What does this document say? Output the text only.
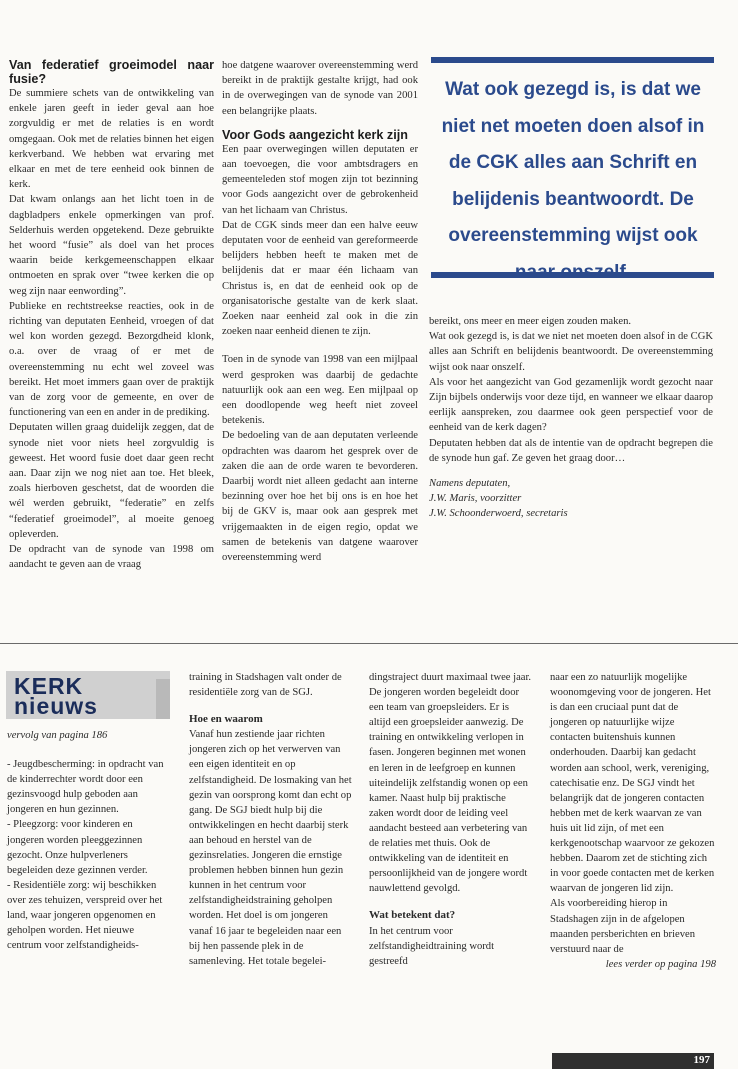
Van federatief groeimodel naar fusie?

De summiere schets van de ontwikkeling van enkele jaren geeft in ieder geval aan hoe zorgvuldig er met de relaties is en wordt omgegaan. Ook met de relaties binnen het eigen kerkverband. We hebben wat ervaring met elkaar en met de tere eenheid ook binnen de kerk.

Dat kwam onlangs aan het licht toen in de dagbladpers enkele opmerkingen van prof. Selderhuis werden opgetekend. Deze gebruikte het woord “fusie” als doel van het proces waarin beide kerkgemeenschappen elkaar ontmoeten en sprak over “twee kerken die op weg zijn naar eenwording”.

Publieke en rechtstreekse reacties, ook in de richting van deputaten Eenheid, vroegen of dat wel kon worden gezegd. Bezorgdheid klonk, o.a. over de vraag of er met de overeenstemming nu echt wel zoveel was bereikt. Het moet immers gaan over de praktijk van de zorg voor de gemeente, en over de functionering van een en ander in de prediking.

Deputaten willen graag duidelijk zeggen, dat de synode niet voor niets heel zorgvuldig is geweest. Het woord fusie doet daar geen recht aan. Daar zijn we nog niet aan toe. Het bleek, zoals hierboven geschetst, dat de woorden die wél werden gebruikt, “federatie” en zelfs “federatief groeimodel”, al moeite genoeg opleverden.

De opdracht van de synode van 1998 om aandacht te geven aan de vraag

hoe datgene waarover overeenstemming werd bereikt in de praktijk gestalte krijgt, had ook in de overwegingen van de synode van 2001 een belangrijke plaats.

Voor Gods aangezicht kerk zijn

Een paar overwegingen willen deputaten er aan toevoegen, die voor ambtsdragers en gemeenteleden stof mogen zijn tot bezinning voor Gods aangezicht over de gebrokenheid van het lichaam van Christus.

Dat de CGK sinds meer dan een halve eeuw deputaten voor de eenheid van gereformeerde belijders hebben heeft te maken met de belijdenis dat er maar één lichaam van Christus is, en dat de eenheid ook op de organisatorische gestalte van de kerk slaat. Zoeken naar eenheid zal ook in die zin zoeken naar eenheid dienen te zijn.

Toen in de synode van 1998 van een mijlpaal werd gesproken was daarbij de gedachte natuurlijk ook aan een weg. Een mijlpaal op een doodlopende weg heeft niet zoveel betekenis.

De bedoeling van de aan deputaten verleende opdrachten was daarom het gesprek over de zaken die aan de orde waren te bevorderen. Daarbij wordt niet alleen gedacht aan interne bezinning over hoe het bij ons is en hoe het bij de GKV is, maar ook aan gesprek met vrijgemaakten in de eigen regio, opdat we samen de betekenis van datgene waarover overeenstemming werd

Wat ook gezegd is, is dat we niet net moeten doen alsof in de CGK alles aan Schrift en belijdenis beantwoordt. De overeenstemming wijst ook

bereikt, ons meer en meer eigen zouden maken.

Wat ook gezegd is, is dat we niet net moeten doen alsof in de CGK alles aan Schrift en belijdenis beantwoordt. De overeenstemming wijst ook naar onszelf.

Als voor het aangezicht van God gezamenlijk wordt gezocht naar Zijn bijbels onderwijs voor deze tijd, en wanneer we elkaar daarop eerlijk aanspreken, zou daarmee ook geen perspectief voor de eenheid van de kerk dagen?

Deputaten hebben dat als de intentie van de opdracht begrepen die de synode hun gaf. Ze geven het graag door…

Namens deputaten,

J.W. Maris, voorzitter

J.W. Schoonderwoerd, secretaris

KERK
nieuws

vervolg van pagina 186

- Jeugdbescherming: in opdracht van de kinderrechter wordt door een gezinsvoogd hulp geboden aan jongeren en hun gezinnen.

- Pleegzorg: voor kinderen en jongeren worden pleeggezinnen gezocht. Onze hulpverleners begeleiden deze gezinnen verder.

- Residentiële zorg: wij beschikken over zes tehuizen, verspreid over het land, waar jongeren opgenomen en geholpen worden. Het nieuwe centrum voor zelfstandigheids-

training in Stadshagen valt onder de residentiële zorg van de SGJ.

Hoe en waarom

Vanaf hun zestiende jaar richten jongeren zich op het verwerven van een eigen identiteit en op zelfstandigheid. De losmaking van het gezin van oorsprong komt dan echt op gang. De SGJ biedt hulp bij die ontwikkelingen en hecht daarbij sterk aan behoud en herstel van de gezinsrelaties. Jongeren die ernstige problemen hebben binnen hun gezin kunnen in het centrum voor zelfstandigheidstraining geholpen worden. Het doel is om jongeren vanaf 16 jaar te begeleiden naar een bij hen passende plek in de samenleving. Het totale begelei-

dingstraject duurt maximaal twee jaar. De jongeren worden begeleidt door een team van groepsleiders. Er is altijd een groepsleider aanwezig. De training en ontwikkeling verlopen in fasen. Jongeren beginnen met wonen en leren in de leefgroep en kunnen uiteindelijk zelfstandig wonen op een kamer. Naast hulp bij praktische zaken wordt door de leiding veel aandacht besteed aan verbetering van de relaties met thuis. Ook de ontwikkeling van de identiteit en persoonlijkheid van de jongere wordt nauwlettend gevolgd.

Wat betekent dat?

In het centrum voor zelfstandigheidtraining wordt gestreefd

naar een zo natuurlijk mogelijke woonomgeving voor de jongeren. Het is dan een cruciaal punt dat de jongeren op natuurlijke wijze contacten buitenshuis kunnen onderhouden. Daarbij kan gedacht worden aan school, werk, vereniging, catechisatie enz. De SGJ vindt het belangrijk dat de jongeren contacten hebben met de kerk waarvan ze van huis uit lid zijn, of met een kerkgenootschap waarvoor ze gekozen hebben. Daarom zet de stichting zich in voor goede contacten met de kerken waarvan de jongeren lid zijn.

Als voorbereiding hierop in Stadshagen zijn in de afgelopen maanden persberichten en brieven verstuurd naar de

lees verder op pagina 198

197
